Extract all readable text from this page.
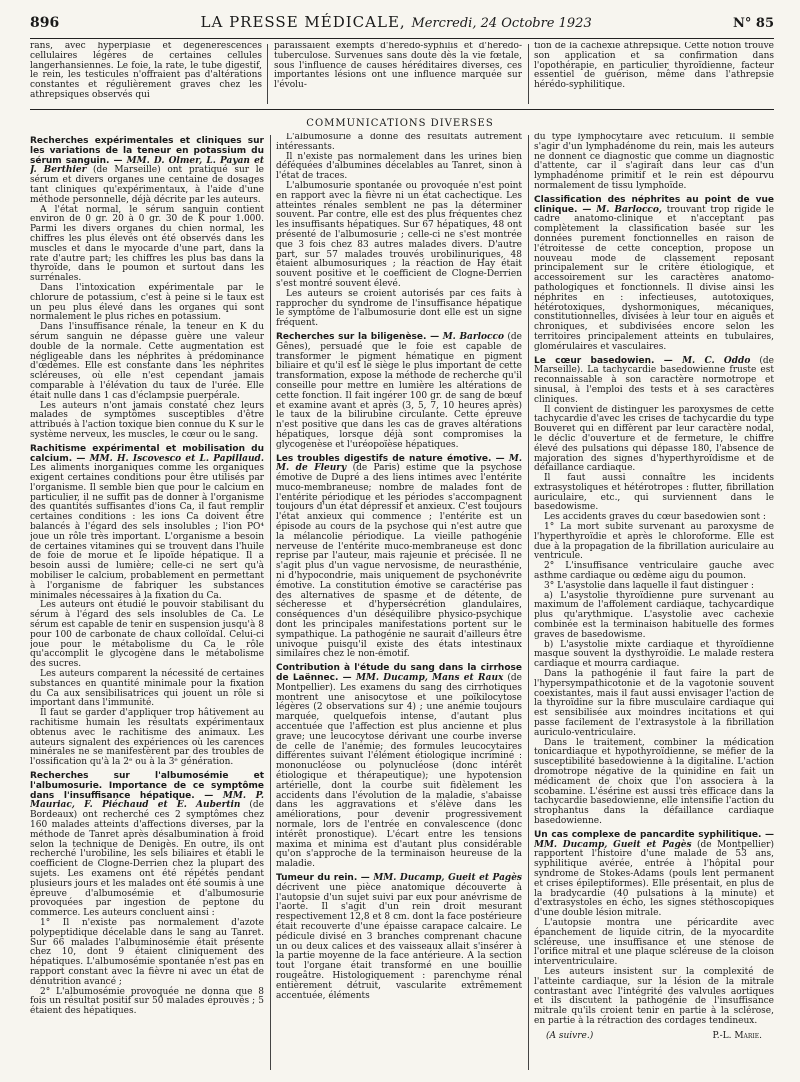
896	LA PRESSE MÉDICALE, Mercredi, 24 Octobre 1923	N° 85

rans, avec hyperplasie et dégénérescences cellulaires légères de certaines cellules langerhansiennes. Le foie, la rate, le tube digestif, le rein, les testicules n'offraient pas d'altérations constantes et régulièrement graves chez les athrepsiques observés qui

paraissaient exempts d'hérédo-syphilis et d'hérédo-tuberculose. Survenues sans doute dès la vie fœtale, sous l'influence de causes héréditaires diverses, ces importantes lésions ont une influence marquée sur l'évolu-

tion de la cachexie athrepsique. Cette notion trouve son application et sa confirmation dans l'opothérapie, en particulier thyroïdienne, facteur essentiel de guérison, même dans l'athrepsie hérédo-syphilitique.

COMMUNICATIONS DIVERSES

Recherches expérimentales et cliniques sur les variations de la teneur en potassium du sérum sanguin. — MM. D. Olmer, L. Payan et J. Berthier (de Marseille) ont pratiqué sur le sérum et divers organes une centaine de dosages tant cliniques qu'expérimentaux, à l'aide d'une méthode personnelle, déjà décrite par les auteurs.

A l'état normal, le sérum sanguin contient environ de 0 gr. 20 à 0 gr. 30 de K pour 1.000. Parmi les divers organes du chien normal, les chiffres les plus élevés ont été observés dans les muscles et dans le myocarde d'une part, dans la rate d'autre part; les chiffres les plus bas dans la thyroïde, dans le poumon et surtout dans les surrénales.

Dans l'intoxication expérimentale par le chlorure de potassium, c'est à peine si le taux est un peu plus élevé dans les organes qui sont normalement le plus riches en potassium.

Dans l'insuffisance rénale, la teneur en K du sérum sanguin ne dépasse guère une valeur double de la normale. Cette augmentation est négligeable dans les néphrites à prédominance d'œdèmes. Elle est constante dans les néphrites scléreuses, où elle n'est cependant jamais comparable à l'élévation du taux de l'urée. Elle était nulle dans 1 cas d'éclampsie puerpérale.

Les auteurs n'ont jamais constaté chez leurs malades de symptômes susceptibles d'être attribués à l'action toxique bien connue du K sur le système nerveux, les muscles, le cœur ou le sang.

Rachitisme expérimental et mobilisation du calcium. — MM. H. Iscovesco et L. Papillaud. Les aliments inorganiques comme les organiques exigent certaines conditions pour être utilisés par l'organisme. Il semble bien que pour le calcium en particulier, il ne suffit pas de donner à l'organisme des quantités suffisantes d'ions Ca, il faut remplir certaines conditions : les ions Ca doivent être balancés à l'égard des sels insolubles ; l'ion PO⁴ joue un rôle très important. L'organisme a besoin de certaines vitamines qui se trouvent dans l'huile de foie de morue et le lipoïde hépatique. Il a besoin aussi de lumière; celle-ci ne sert qu'à mobiliser le calcium, probablement en permettant à l'organisme de fabriquer les substances minimales nécessaires à la fixation du Ca.

Les auteurs ont étudié le pouvoir stabilisant du sérum à l'égard des sels insolubles de Ca. Le sérum est capable de tenir en suspension jusqu'à 8 pour 100 de carbonate de chaux colloïdal. Celui-ci joue pour le métabolisme du Ca le rôle qu'accomplit le glycogène dans le métabolisme des sucres.

Les auteurs comparent la nécessité de certaines substances en quantité minimale pour la fixation du Ca aux sensibilisatrices qui jouent un rôle si important dans l'immunité.

Il faut se garder d'appliquer trop hâtivement au rachitisme humain les résultats expérimentaux obtenus avec le rachitisme des animaux. Les auteurs signalent des expériences où les carences minérales ne se manifestèrent par des troubles de l'ossification qu'à la 2ᵉ ou à la 3ᵉ génération.

Recherches sur l'albumosémie et l'albumosurie. Importance de ce symptôme dans l'insuffisance hépatique. — MM. P. Mauriac, F. Piéchaud et E. Aubertin (de Bordeaux) ont recherché ces 2 symptômes chez 160 malades atteints d'affections diverses, par la méthode de Tanret après désalbumination à froid selon la technique de Denigès. En outre, ils ont recherché l'urobiline, les sels biliaires et établi le coefficient de Clogne-Derrien chez la plupart des sujets. Les examens ont été répétés pendant plusieurs jours et les malades ont été soumis à une épreuve d'albumosémie et d'albumosurie provoquées par ingestion de peptone du commerce. Les auteurs concluent ainsi :

1° Il n'existe pas normalement d'azote polypeptidique décelable dans le sang au Tanret. Sur 66 malades l'albuminosémie était présente chez 10, dont 9 étaient cliniquement des hépatiques. L'albumosémie spontanée n'est pas en rapport constant avec la fièvre ni avec un état de dénutrition avancé ;

2° L'albumosémie provoquée ne donna que 8 fois un résultat positif sur 50 malades éprouvés ; 5 étaient des hépatiques.

L'albumosurie a donné des résultats autrement intéressants.

Il n'existe pas normalement dans les urines bien déféquées d'albumines décelables au Tanret, sinon à l'état de traces.

L'albumosurie spontanée ou provoquée n'est point en rapport avec la fièvre ni un état cachectique. Les atteintes rénales semblent ne pas la déterminer souvent. Par contre, elle est des plus fréquentes chez les insuffisants hépatiques. Sur 67 hépatiques, 48 ont présenté de l'albumosurie ; celle-ci ne s'est montrée que 3 fois chez 83 autres malades divers. D'autre part, sur 57 malades trouvés urobilinuriques, 48 étaient albumosuriques ; la réaction de Hay était souvent positive et le coefficient de Clogne-Derrien s'est montré souvent élevé.

Les auteurs se croient autorisés par ces faits à rapprocher du syndrome de l'insuffisance hépatique le symptôme de l'albumosurie dont elle est un signe fréquent.

Recherches sur la biligenèse. — M. Barlocco (de Gênes), persuadé que le foie est capable de transformer le pigment hématique en pigment biliaire et qu'il est le siège le plus important de cette transformation, expose la méthode de recherche qu'il conseille pour mettre en lumière les altérations de cette fonction. Il fait ingérer 100 gr. de sang de bœuf et examine avant et après (3, 5, 7, 10 heures après) le taux de la bilirubine circulante. Cette épreuve n'est positive que dans les cas de graves altérations hépatiques, lorsque déjà sont compromises la glycogenèse et l'uréopoïèse hépatiques.

Les troubles digestifs de nature émotive. — M. M. de Fleury (de Paris) estime que la psychose émotive de Dupré a des liens intimes avec l'entérite muco-membraneuse; nombre de malades font de l'entérite périodique et les périodes s'accompagnent toujours d'un état dépressif et anxieux. C'est toujours l'état anxieux qui commence ; l'entérite est un épisode au cours de la psychose qui n'est autre que la mélancolie périodique. La vieille pathogénie nerveuse de l'entérite muco-membraneuse est donc reprise par l'auteur, mais rajeunie et précisée. Il ne s'agit plus d'un vague nervosisme, de neurasthénie, ni d'hypocondrie, mais uniquement de psychonévrite émotive. La constitution émotive se caractérise pas des alternatives de spasme et de détente, de sécheresse et d'hypersécrétion glandulaires, conséquences d'un déséquilibre physico-psychique dont les principales manifestations portent sur le sympathique. La pathogénie ne saurait d'ailleurs être univoque puisqu'il existe des états intestinaux similaires chez le non-émotif.

Contribution à l'étude du sang dans la cirrhose de Laënnec. — MM. Ducamp, Mans et Raux (de Montpellier). Les examens du sang des cirrhotiques montrent une anisocytose et une poïkilocytose légères (2 observations sur 4) ; une anémie toujours marquée, quelquefois intense, d'autant plus accentuée que l'affection est plus ancienne et plus grave; une leucocytose dérivant une courbe inverse de celle de l'anémie; des formules leucocytaires différentes suivant l'élément étiologique incriminé : mononucléose ou polynucléose (donc intérêt étiologique et thérapeutique); une hypotension artérielle, dont la courbe suit fidèlement les accidents dans l'évolution de la maladie, s'abaisse dans les aggravations et s'élève dans les améliorations, pour devenir progressivement normale, lors de l'entrée en convalescence (donc intérêt pronostique). L'écart entre les tensions maxima et minima est d'autant plus considérable qu'on s'approche de la terminaison heureuse de la maladie.

Tumeur du rein. — MM. Ducamp, Gueit et Pagès décrivent une pièce anatomique découverte à l'autopsie d'un sujet suivi par eux pour anévrisme de l'aorte. Il s'agit d'un rein droit mesurant respectivement 12,8 et 8 cm. dont la face postérieure était recouverte d'une épaisse carapace calcaire. Le pédicule divisé en 3 branches comprenant chacune un ou deux calices et des vaisseaux allait s'insérer à la partie moyenne de la face antérieure. A la section tout l'organe était transformé en une bouillie rougeâtre. Histologiquement : parenchyme rénal entièrement détruit, vascularite extrêmement accentuée, éléments

du type lymphocytaire avec réticulum. Il semble s'agir d'un lymphadénome du rein, mais les auteurs ne donnent ce diagnostic que comme un diagnostic d'attente, car il s'agirait dans leur cas d'un lymphadénome primitif et le rein est dépourvu normalement de tissu lymphoïde.

Classification des néphrites au point de vue clinique. — M. Barlocco, trouvant trop rigide le cadre anatomo-clinique et n'acceptant pas complètement la classification basée sur les données purement fonctionnelles en raison de l'étroitesse de cette conception, propose un nouveau mode de classement reposant principalement sur le critère étiologique, et accessoirement sur les caractères anatomo-pathologiques et fonctionnels. Il divise ainsi les néphrites en : infectieuses, autotoxiques, hétérotoxiques, dyshormoniques, mécaniques, constitutionnelles, divisées à leur tour en aiguës et chroniques, et subdivisées encore selon les territoires principalement atteints en tubulaires, glomérulaires et vasculaires.

Le cœur basedowien. — M. C. Oddo (de Marseille). La tachycardie basedowienne fruste est reconnaissable à son caractère normotrope et sinusal, à l'emploi des tests et à ses caractères cliniques.

Il convient de distinguer les paroxysmes de cette tachycardie d'avec les crises de tachycardie du type Bouveret qui en diffèrent par leur caractère nodal, le déclic d'ouverture et de fermeture, le chiffre élevé des pulsations qui dépasse 180, l'absence de majoration des signes d'hyperthyroïdisme et de défaillance cardiaque.

Il faut aussi connaître les incidents extrasystoliques et hétérotropes : flutter, fibrillation auriculaire, etc., qui surviennent dans le basedowisme.

Les accidents graves du cœur basedowien sont :

1° La mort subite survenant au paroxysme de l'hyperthyroïdie et après le chloroforme. Elle est due à la propagation de la fibrillation auriculaire au ventricule.

2° L'insuffisance ventriculaire gauche avec asthme cardiaque ou œdème aigu du poumon.

3° L'asystolie dans laquelle il faut distinguer :

a) L'asystolie thyroïdienne pure survenant au maximum de l'affolement cardiaque, tachycardique plus qu'arythmique. L'asystolie avec cachexie combinée est la terminaison habituelle des formes graves de basedowisme.

b) L'asystolie mixte cardiaque et thyroïdienne masque souvent la dysthyroïdie. Le malade restera cardiaque et mourra cardiaque.

Dans la pathogénie il faut faire la part de l'hypersympathicotonie et de la vagotonie souvent coexistantes, mais il faut aussi envisager l'action de la thyroïdine sur la fibre musculaire cardiaque qui est sensibilisée aux moindres incitations et qui passe facilement de l'extrasystole à la fibrillation auriculo-ventriculaire.

Dans le traitement, combiner la médication tonicardiaque et hypothyroïdienne, se méfier de la susceptibilité basedowienne à la digitaline. L'action dromotrope négative de la quinidine en fait un médicament de choix que l'on associera à la scobamine. L'ésérine est aussi très efficace dans la tachycardie basedowienne, elle intensifie l'action du strophantus dans la défaillance cardiaque basedowienne.

Un cas complexe de pancardite syphilitique. — MM. Ducamp, Gueit et Pagès (de Montpellier) rapportent l'histoire d'une malade de 53 ans, syphilitique avérée, entrée à l'hôpital pour syndrome de Stokes-Adams (pouls lent permanent et crises épileptiformes). Elle présentait, en plus de la bradycardie (40 pulsations à la minute) et d'extrasystoles en écho, les signes stéthoscopiques d'une double lésion mitrale.

L'autopsie montra une péricardite avec épanchement de liquide citrin, de la myocardite scléreuse, une insuffisance et une sténose de l'orifice mitral et une plaque scléreuse de la cloison interventriculaire.

Les auteurs insistent sur la complexité de l'atteinte cardiaque, sur la lésion de la mitrale contrastant avec l'intégrité des valvules aortiques et ils discutent la pathogénie de l'insuffisance mitrale qu'ils croient tenir en partie à la sclérose, en partie à la rétraction des cordages tendineux.

(A suivre.)	P.-L. Marie.
